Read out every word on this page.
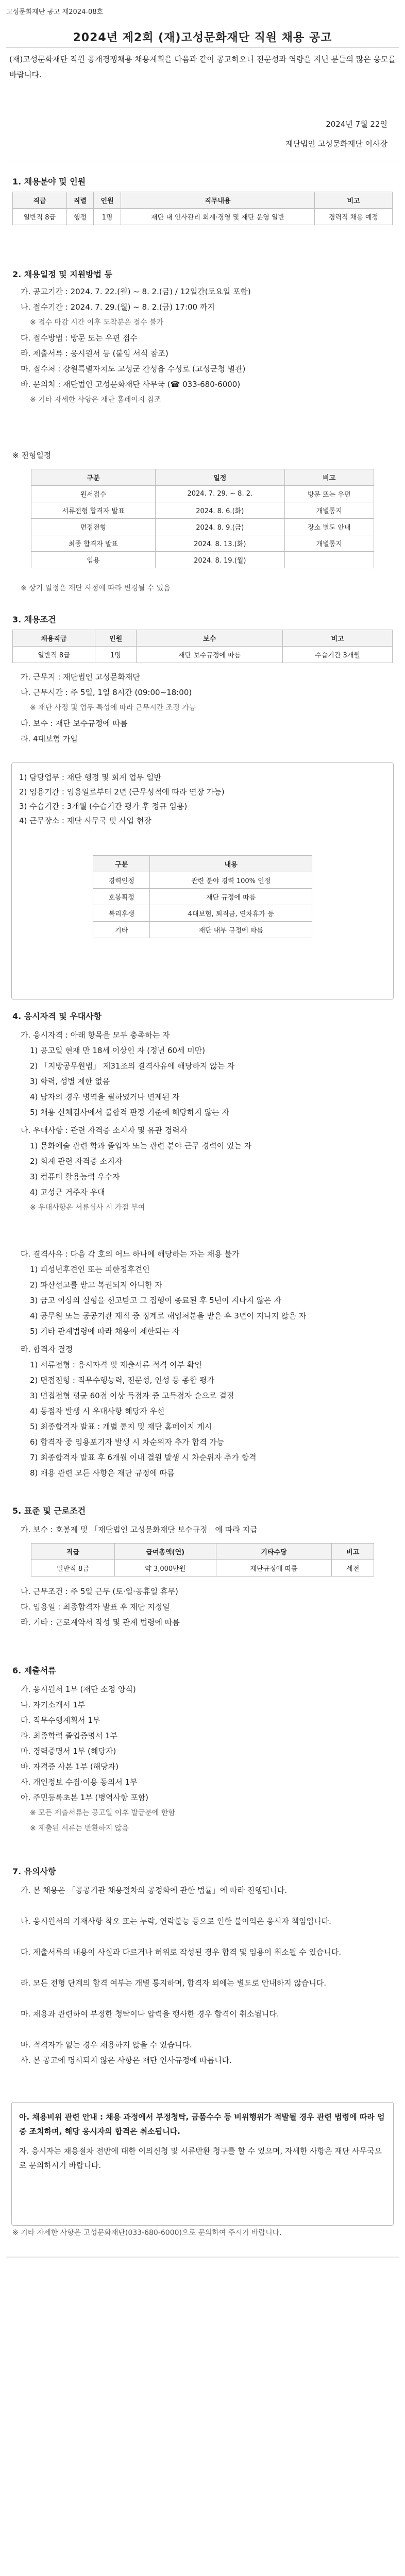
고성문화재단 공고 제2024-08호
2024년 제2회 (재)고성문화재단 직원 채용 공고
(재)고성문화재단 직원 공개경쟁채용 채용계획을 다음과 같이 공고하오니 전문성과 역량을 지닌 분들의 많은 응모를 바랍니다.
2024년 7월 22일
재단법인 고성문화재단 이사장
1. 채용분야 및 인원
직급	직렬	인원	직무내용	비고
일반직 8급	행정	1명	재단 내 인사관리 회계·경영 및 재단 운영 일반	경력직 채용 예정
2. 채용일정 및 지원방법 등
가. 공고기간 : 2024. 7. 22.(월) ~ 8. 2.(금) / 12일간(토요일 포함)
나. 접수기간 : 2024. 7. 29.(월) ~ 8. 2.(금) 17:00 까지
※ 접수 마감 시간 이후 도착분은 접수 불가
다. 접수방법 : 방문 또는 우편 접수
라. 제출서류 : 응시원서 등 (붙임 서식 참조)
마. 접수처 : 강원특별자치도 고성군 간성읍 수성로 (고성군청 별관)
바. 문의처 : 재단법인 고성문화재단 사무국 (☎ 033-680-6000)
※ 기타 자세한 사항은 재단 홈페이지 참조
※ 전형일정
구분	일정	비고
원서접수	2024. 7. 29. ~ 8. 2.	방문 또는 우편
서류전형 합격자 발표	2024. 8. 6.(화)	개별통지
면접전형	2024. 8. 9.(금)	장소 별도 안내
최종 합격자 발표	2024. 8. 13.(화)	개별통지
임용	2024. 8. 19.(월)	
※ 상기 일정은 재단 사정에 따라 변경될 수 있음
3. 채용조건
채용직급	인원	보수	비고
일반직 8급	1명	재단 보수규정에 따름	수습기간 3개월
가. 근무지 : 재단법인 고성문화재단
나. 근무시간 : 주 5일, 1일 8시간 (09:00~18:00)
※ 재단 사정 및 업무 특성에 따라 근무시간 조정 가능
다. 보수 : 재단 보수규정에 따름
라. 4대보험 가입
1) 담당업무 : 재단 행정 및 회계 업무 일반
2) 임용기간 : 임용일로부터 2년 (근무성적에 따라 연장 가능)
3) 수습기간 : 3개월 (수습기간 평가 후 정규 임용)
4) 근무장소 : 재단 사무국 및 사업 현장
구분	내용
경력인정	관련 분야 경력 100% 인정
호봉획정	재단 규정에 따름
복리후생	4대보험, 퇴직금, 연차휴가 등
기타	재단 내부 규정에 따름
4. 응시자격 및 우대사항
가. 응시자격 : 아래 항목을 모두 충족하는 자
1) 공고일 현재 만 18세 이상인 자 (정년 60세 미만)
2) 「지방공무원법」 제31조의 결격사유에 해당하지 않는 자
3) 학력, 성별 제한 없음
4) 남자의 경우 병역을 필하였거나 면제된 자
5) 채용 신체검사에서 불합격 판정 기준에 해당하지 않는 자
나. 우대사항 : 관련 자격증 소지자 및 유관 경력자
1) 문화예술 관련 학과 졸업자 또는 관련 분야 근무 경력이 있는 자
2) 회계 관련 자격증 소지자
3) 컴퓨터 활용능력 우수자
4) 고성군 거주자 우대
※ 우대사항은 서류심사 시 가점 부여
다. 결격사유 : 다음 각 호의 어느 하나에 해당하는 자는 채용 불가
1) 피성년후견인 또는 피한정후견인
2) 파산선고를 받고 복권되지 아니한 자
3) 금고 이상의 실형을 선고받고 그 집행이 종료된 후 5년이 지나지 않은 자
4) 공무원 또는 공공기관 재직 중 징계로 해임처분을 받은 후 3년이 지나지 않은 자
5) 기타 관계법령에 따라 채용이 제한되는 자
라. 합격자 결정
1) 서류전형 : 응시자격 및 제출서류 적격 여부 확인
2) 면접전형 : 직무수행능력, 전문성, 인성 등 종합 평가
3) 면접전형 평균 60점 이상 득점자 중 고득점자 순으로 결정
4) 동점자 발생 시 우대사항 해당자 우선
5) 최종합격자 발표 : 개별 통지 및 재단 홈페이지 게시
6) 합격자 중 임용포기자 발생 시 차순위자 추가 합격 가능
7) 최종합격자 발표 후 6개월 이내 결원 발생 시 차순위자 추가 합격
8) 채용 관련 모든 사항은 재단 규정에 따름
5. 표준 및 근로조건
가. 보수 : 호봉제 및 「재단법인 고성문화재단 보수규정」에 따라 지급
직급	급여총액(연)	기타수당	비고
일반직 8급	약 3,000만원	재단규정에 따름	세전
나. 근무조건 : 주 5일 근무 (토·일·공휴일 휴무)
다. 임용일 : 최종합격자 발표 후 재단 지정일
라. 기타 : 근로계약서 작성 및 관계 법령에 따름
6. 제출서류
가. 응시원서 1부 (재단 소정 양식)
나. 자기소개서 1부
다. 직무수행계획서 1부
라. 최종학력 졸업증명서 1부
마. 경력증명서 1부 (해당자)
바. 자격증 사본 1부 (해당자)
사. 개인정보 수집·이용 동의서 1부
아. 주민등록초본 1부 (병역사항 포함)
※ 모든 제출서류는 공고일 이후 발급분에 한함
※ 제출된 서류는 반환하지 않음
7. 유의사항
가. 본 채용은 「공공기관 채용절차의 공정화에 관한 법률」에 따라 진행됩니다.
나. 응시원서의 기재사항 착오 또는 누락, 연락불능 등으로 인한 불이익은 응시자 책임입니다.
다. 제출서류의 내용이 사실과 다르거나 허위로 작성된 경우 합격 및 임용이 취소될 수 있습니다.
라. 모든 전형 단계의 합격 여부는 개별 통지하며, 합격자 외에는 별도로 안내하지 않습니다.
마. 채용과 관련하여 부정한 청탁이나 압력을 행사한 경우 합격이 취소됩니다.
바. 적격자가 없는 경우 채용하지 않을 수 있습니다.
사. 본 공고에 명시되지 않은 사항은 재단 인사규정에 따릅니다.
아. 채용비위 관련 안내 : 채용 과정에서 부정청탁, 금품수수 등 비위행위가 적발될 경우 관련 법령에 따라 엄중 조치하며, 해당 응시자의 합격은 취소됩니다.
자. 응시자는 채용절차 전반에 대한 이의신청 및 서류반환 청구를 할 수 있으며, 자세한 사항은 재단 사무국으로 문의하시기 바랍니다.
※ 기타 자세한 사항은 고성문화재단(033-680-6000)으로 문의하여 주시기 바랍니다.
